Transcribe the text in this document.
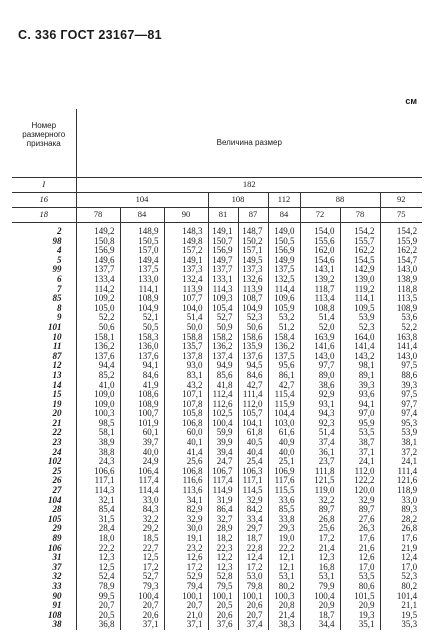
С. 336 ГОСТ 23167—81
см
Номер размерного признака	Величина размер								
I	182								
16	104			108		112	88		92
18	78	84	90	81	87	84	72	78	75
2	149,2	148,9	148,3	149,1	148,7	149,0	154,0	154,2	154,2
98	150,8	150,5	149,8	150,7	150,2	150,5	155,6	155,7	155,9
4	156,9	157,0	157,2	156,9	157,1	156,9	162,0	162,2	162,2
5	149,6	149,4	149,1	149,7	149,5	149,9	154,6	154,5	154,7
99	137,7	137,5	137,3	137,7	137,3	137,5	143,1	142,9	143,0
6	133,4	133,0	132,4	133,1	132,6	132,5	139,2	139,0	138,9
7	114,2	114,1	113,9	114,3	113,9	114,4	118,7	119,2	118,8
85	109,2	108,9	107,7	109,3	108,7	109,6	113,4	114,1	113,5
8	105,0	104,9	104,0	105,4	104,9	105,9	108,8	109,5	108,9
9	52,2	52,1	51,4	52,7	52,3	53,2	51,4	53,9	53,6
101	50,6	50,5	50,0	50,9	50,6	51,2	52,0	52,3	52,2
10	158,1	158,3	158,8	158,2	158,6	158,4	163,9	164,0	163,8
11	136,2	136,0	135,7	136,2	135,9	136,2	141,6	141,4	141,4
87	137,6	137,6	137,8	137,4	137,6	137,5	143,0	143,2	143,0
12	94,4	94,1	93,0	94,9	94,5	95,6	97,7	98,1	97,5
13	85,2	84,6	83,1	85,6	84,6	86,1	89,0	89,1	88,6
14	41,0	41,9	43,2	41,8	42,7	42,7	38,6	39,3	39,3
15	109,0	108,6	107,1	112,4	111,4	115,4	92,9	93,6	97,5
19	109,0	108,9	107,8	112,6	112,0	115,9	93,1	94,1	97,7
20	100,3	100,7	105,8	102,5	105,7	104,4	94,3	97,0	97,4
21	98,5	101,9	106,8	100,4	104,1	103,0	92,3	95,9	95,3
22	58,1	60,1	60,0	59,9	61,8	61,6	51,4	53,5	53,9
23	38,9	39,7	40,1	39,9	40,5	40,9	37,4	38,7	38,1
24	38,8	40,0	41,4	39,4	40,4	40,0	36,1	37,1	37,2
102	24,3	24,9	25,6	24,7	25,4	25,1	23,7	24,1	24,1
25	106,6	106,4	106,8	106,7	106,3	106,9	111,8	112,0	111,4
26	117,1	117,4	116,6	117,4	117,1	117,6	121,5	122,2	121,6
27	114,3	114,4	113,6	114,9	114,5	115,5	119,0	120,0	118,9
104	32,1	33,0	34,1	31,9	32,9	33,6	32,2	32,9	33,0
28	85,4	84,3	82,9	86,4	84,2	85,5	89,7	89,7	89,3
105	31,5	32,2	32,9	32,7	33,4	33,8	26,8	27,6	28,2
29	28,4	29,2	30,0	28,9	29,7	29,3	25,6	26,3	26,8
89	18,0	18,5	19,1	18,2	18,7	19,0	17,2	17,6	17,6
106	22,2	22,7	23,2	22,3	22,8	22,2	21,4	21,6	21,9
31	12,3	12,5	12,6	12,2	12,4	12,1	12,3	12,6	12,4
37	12,5	17,2	17,2	12,3	17,2	12,1	16,8	17,0	17,0
32	52,4	52,7	52,9	52,8	53,0	53,1	53,1	53,5	52,3
33	78,9	79,3	79,4	79,5	79,8	80,2	79,9	80,6	80,2
90	99,5	100,4	100,1	100,1	100,1	100,3	100,4	101,5	101,4
91	20,7	20,7	20,7	20,5	20,6	20,8	20,9	20,9	21,1
108	20,5	20,6	21,0	20,6	20,7	21,4	18,7	19,3	19,5
38	36,8	37,1	37,1	37,6	37,4	38,3	34,4	35,1	35,3
